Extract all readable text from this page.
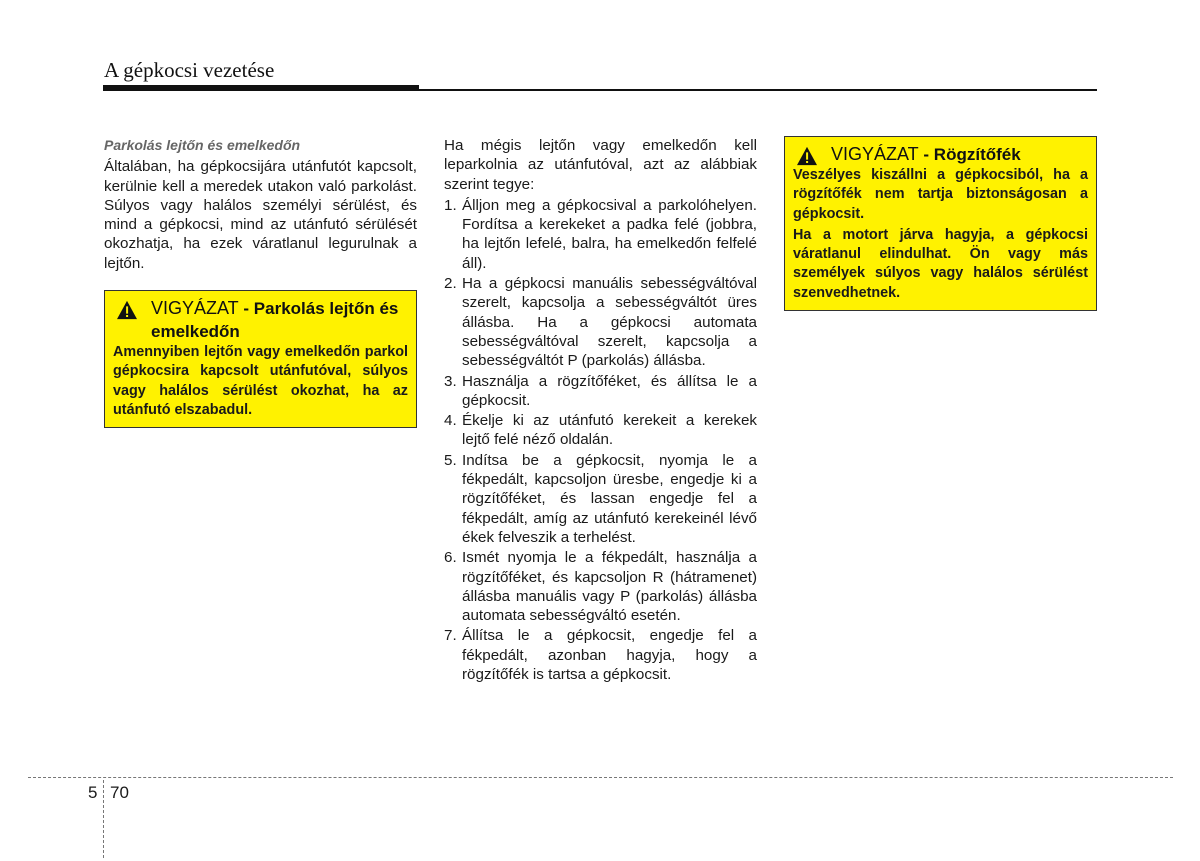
A gépkocsi vezetése

Parkolás lejtőn és emelkedőn

Általában, ha gépkocsijára utánfutót kapcsolt, kerülnie kell a meredek utakon való parkolást. Súlyos vagy halálos személyi sérülést, és mind a gépkocsi, mind az utánfutó sérülését okozhatja, ha ezek váratlanul legurulnak a lejtőn.

VIGYÁZAT - Parkolás lejtőn és emelkedőn

Amennyiben lejtőn vagy emelkedőn parkol gépkocsira kapcsolt utánfutóval, súlyos vagy halálos sérülést okozhat, ha az utánfutó elszabadul.

Ha mégis lejtőn vagy emelkedőn kell leparkolnia az utánfutóval, azt az alábbiak szerint tegye:

1. Álljon meg a gépkocsival a parkolóhelyen. Fordítsa a kerekeket a padka felé (jobbra, ha lejtőn lefelé, balra, ha emelkedőn felfelé áll).
2. Ha a gépkocsi manuális sebességváltóval szerelt, kapcsolja a sebességváltót üres állásba. Ha a gépkocsi automata sebességváltóval szerelt, kapcsolja a sebességváltót P (parkolás) állásba.
3. Használja a rögzítőféket, és állítsa le a gépkocsit.
4. Ékelje ki az utánfutó kerekeit a kerekek lejtő felé néző oldalán.
5. Indítsa be a gépkocsit, nyomja le a fékpedált, kapcsoljon üresbe, engedje ki a rögzítőféket, és lassan engedje fel a fékpedált, amíg az utánfutó kerekeinél lévő ékek felveszik a terhelést.
6. Ismét nyomja le a fékpedált, használja a rögzítőféket, és kapcsoljon R (hátramenet) állásba manuális vagy P (parkolás) állásba automata sebességváltó esetén.
7. Állítsa le a gépkocsit, engedje fel a fékpedált, azonban hagyja, hogy a rögzítőfék is tartsa a gépkocsit.
VIGYÁZAT - Rögzítőfék

Veszélyes kiszállni a gépkocsiból, ha a rögzítőfék nem tartja biztonságosan a gépkocsit.

Ha a motort járva hagyja, a gépkocsi váratlanul elindulhat. Ön vagy más személyek súlyos vagy halálos sérülést szenvedhetnek.

5 70
